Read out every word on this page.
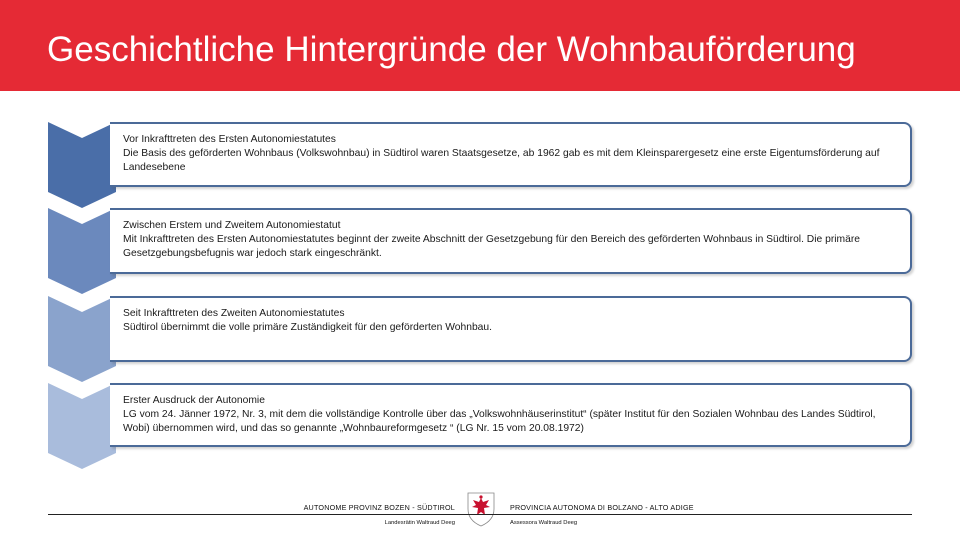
Geschichtliche Hintergründe der Wohnbauförderung
Vor Inkrafttreten des Ersten Autonomiestatutes
Die Basis des geförderten Wohnbaus (Volkswohnbau) in Südtirol waren Staatsgesetze, ab 1962 gab es mit dem Kleinsparergesetz eine erste Eigentumsförderung auf Landesebene
Zwischen Erstem und Zweitem Autonomiestatut
Mit Inkrafttreten des Ersten Autonomiestatutes beginnt der zweite Abschnitt der Gesetzgebung für den Bereich des geförderten Wohnbaus in Südtirol. Die primäre Gesetzgebungsbefugnis war jedoch stark eingeschränkt.
Seit Inkrafttreten des Zweiten Autonomiestatutes
Südtirol übernimmt die volle primäre Zuständigkeit für den geförderten Wohnbau.
Erster Ausdruck der Autonomie
LG vom 24. Jänner 1972, Nr. 3, mit dem die vollständige Kontrolle über das „Volkswohnhäuserinstitut“ (später Institut für den Sozialen Wohnbau des Landes Südtirol, Wobi) übernommen wird, und das so genannte „Wohnbaureformgesetz “ (LG Nr. 15 vom 20.08.1972)
AUTONOME PROVINZ BOZEN - SÜDTIROL	PROVINCIA AUTONOMA DI BOLZANO - ALTO ADIGE
Landesrätin Waltraud Deeg	Assessora Waltraud Deeg
